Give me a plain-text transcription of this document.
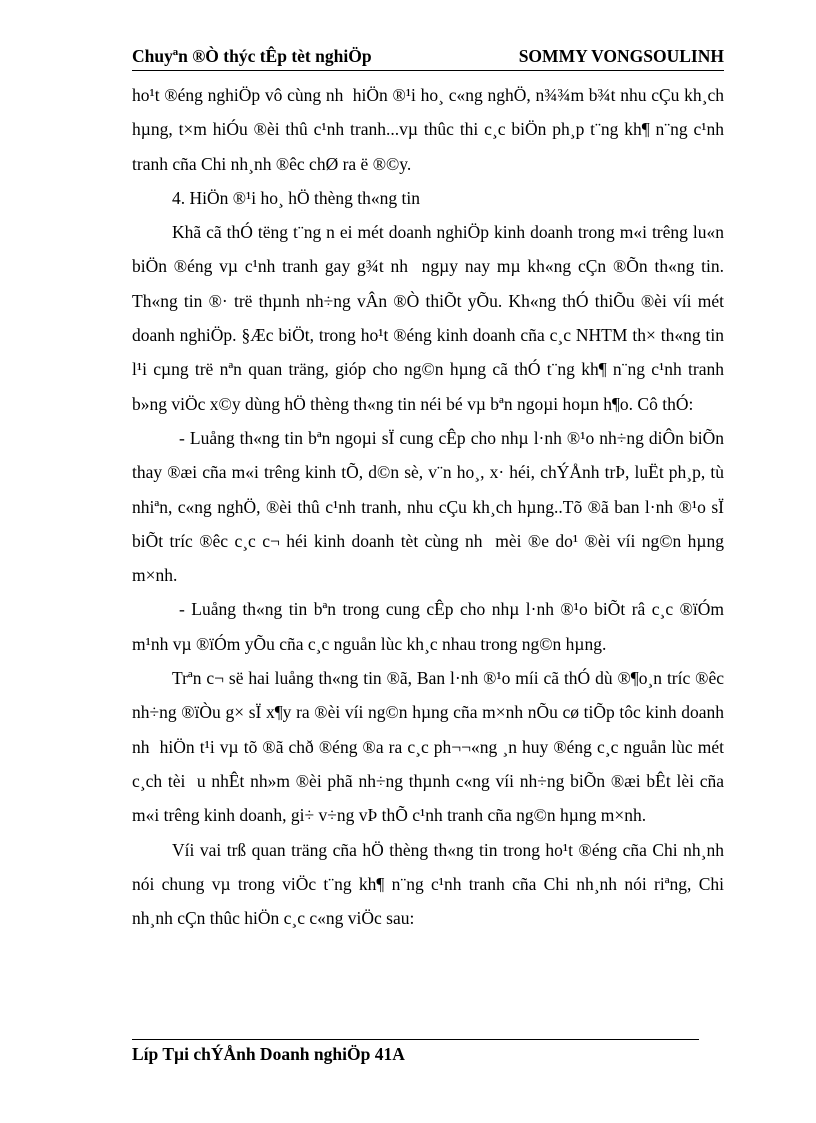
Chuyªn ®Ò thýc tÊp tèt nghiÖp	SOMMY VONGSOULINH

ho¹t ®éng nghiÖp vô cùng nh  hiÖn ®¹i ho¸ c«ng nghÖ, n¾¾m b¾t nhu cÇu kh¸ch hµng, t×m hiÓu ®èi thû c¹nh tranh...vµ thûc thi c¸c biÖn ph¸p t¨ng kh¶ n¨ng c¹nh tranh cña Chi nh¸nh ®êc chØ ra ë ®©y.

4. HiÖn ®¹i ho¸ hÖ thèng th«ng tin

Khã cã thÓ tëng t¨ng n ei mét doanh nghiÖp kinh doanh trong m«i trêng lu«n biÖn ®éng vµ c¹nh tranh gay g¾t nh  ngµy nay mµ kh«ng cÇn ®Õn th«ng tin. Th«ng tin ®· trë thµnh nh÷ng vÂn ®Ò thiÕt yÕu. Kh«ng thÓ thiÕu ®èi víi mét doanh nghiÖp. §Æc biÖt, trong ho¹t ®éng kinh doanh cña c¸c NHTM th× th«ng tin l¹i cµng trë nªn quan träng, gióp cho ng©n hµng cã thÓ t¨ng kh¶ n¨ng c¹nh tranh b»ng viÖc x©y dùng hÖ thèng th«ng tin néi bé vµ bªn ngoµi hoµn h¶o. Cô thÓ:

- Luång th«ng tin bªn ngoµi sÏ cung cÊp cho nhµ l·nh ®¹o nh÷ng diÔn biÕn thay ®æi cña m«i trêng kinh tÕ, d©n sè, v¨n ho¸, x· héi, chÝÅnh trÞ, luËt ph¸p, tù nhiªn, c«ng nghÖ, ®èi thû c¹nh tranh, nhu cÇu kh¸ch hµng..Tõ ®ã ban l·nh ®¹o sÏ biÕt tríc ®êc c¸c c¬ héi kinh doanh tèt cùng nh  mèi ®e do¹ ®èi víi ng©n hµng m×nh.

- Luång th«ng tin bªn trong cung cÊp cho nhµ l·nh ®¹o biÕt râ c¸c ®ïÓm m¹nh vµ ®ïÓm yÕu cña c¸c nguån lùc kh¸c nhau trong ng©n hµng.

Trªn c¬ së hai luång th«ng tin ®ã, Ban l·nh ®¹o míi cã thÓ dù ®¶o¸n tríc ®êc nh÷ng ®ïÒu g× sÏ x¶y ra ®èi víi ng©n hµng cña m×nh nÕu cø tiÕp tôc kinh doanh nh  hiÖn t¹i vµ tõ ®ã chð ®éng ®a ra c¸c ph¬¬«ng ¸n huy ®éng c¸c nguån lùc mét c¸ch tèi u nhÊt nh»m ®èi phã nh÷ng thµnh c«ng víi nh÷ng biÕn ®æi bÊt lèi cña m«i trêng kinh doanh, gi÷ v÷ng vÞ thÕ c¹nh tranh cña ng©n hµng m×nh.

Víi vai trß quan träng cña hÖ thèng th«ng tin trong ho¹t ®éng cña Chi nh¸nh nói chung vµ trong viÖc t¨ng kh¶ n¨ng c¹nh tranh cña Chi nh¸nh nói riªng, Chi nh¸nh cÇn thûc hiÖn c¸c c«ng viÖc sau:

Líp Tµi chÝÅnh Doanh nghiÖp 41A
